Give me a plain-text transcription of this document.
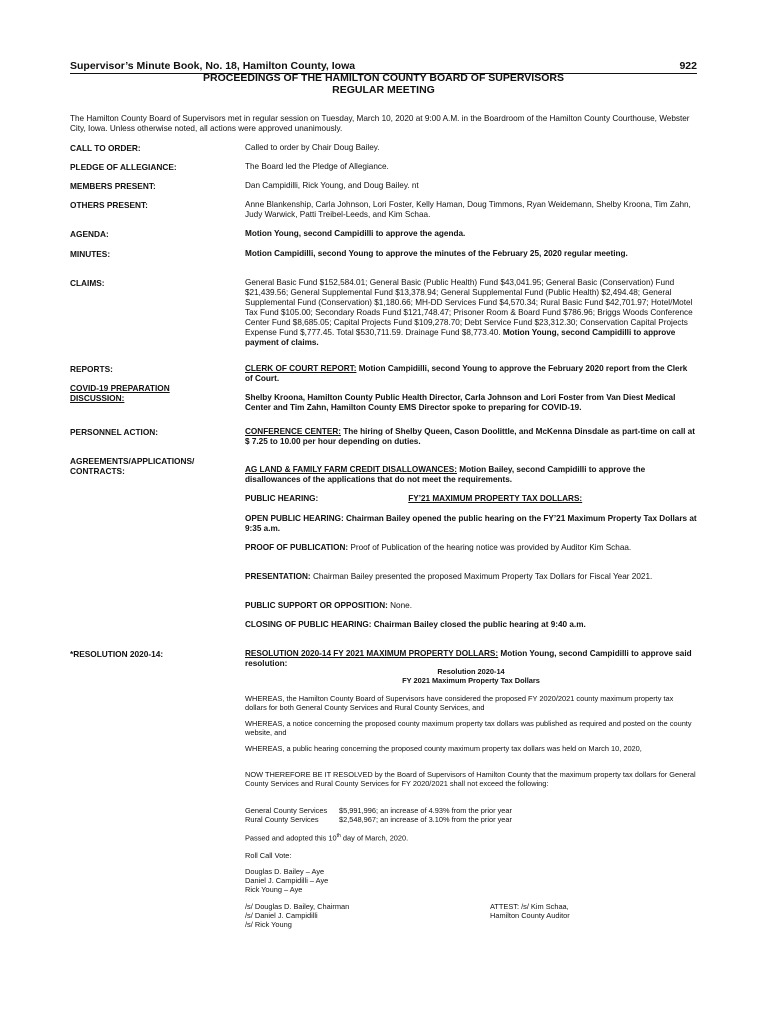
Supervisor’s Minute Book, No. 18, Hamilton County, Iowa	922
PROCEEDINGS OF THE HAMILTON COUNTY BOARD OF SUPERVISORS
REGULAR MEETING
The Hamilton County Board of Supervisors met in regular session on Tuesday, March 10, 2020 at 9:00 A.M. in the Boardroom of the Hamilton County Courthouse, Webster City, Iowa. Unless otherwise noted, all actions were approved unanimously.
CALL TO ORDER:	Called to order by Chair Doug Bailey.
PLEDGE OF ALLEGIANCE:	The Board led the Pledge of Allegiance.
MEMBERS PRESENT:	Dan Campidilli, Rick Young, and Doug Bailey. nt
OTHERS PRESENT:	Anne Blankenship, Carla Johnson, Lori Foster, Kelly Haman, Doug Timmons, Ryan Weidemann, Shelby Kroona, Tim Zahn, Judy Warwick, Patti Treibel-Leeds, and Kim Schaa.
AGENDA:	Motion Young, second Campidilli to approve the agenda.
MINUTES:	Motion Campidilli, second Young to approve the minutes of the February 25, 2020 regular meeting.
CLAIMS:	General Basic Fund $152,584.01; General Basic (Public Health) Fund $43,041.95; General Basic (Conservation) Fund $21,439.56; General Supplemental Fund $13,378.94; General Supplemental Fund (Public Health) $2,494.48; General Supplemental Fund (Conservation) $1,180.66; MH-DD Services Fund $4,570.34; Rural Basic Fund $42,701.97; Hotel/Motel Tax Fund $105.00; Secondary Roads Fund $121,748.47; Prisoner Room & Board Fund $786.96; Briggs Woods Conference Center Fund $8,685.05; Capital Projects Fund $109,278.70; Debt Service Fund $23,312.30; Conservation Capital Projects Expense Fund $,777.45. Total $530,711.59. Drainage Fund $8,773.40. Motion Young, second Campidilli to approve payment of claims.
REPORTS:	CLERK OF COURT REPORT: Motion Campidilli, second Young to approve the February 2020 report from the Clerk of Court.
COVID-19 PREPARATION
DISCUSSION:	Shelby Kroona, Hamilton County Public Health Director, Carla Johnson and Lori Foster from Van Diest Medical Center and Tim Zahn, Hamilton County EMS Director spoke to preparing for COVID-19.
PERSONNEL ACTION:	CONFERENCE CENTER: The hiring of Shelby Queen, Cason Doolittle, and McKenna Dinsdale as part-time on call at $ 7.25 to 10.00 per hour depending on duties.
AGREEMENTS/APPLICATIONS/
CONTRACTS:	AG LAND & FAMILY FARM CREDIT DISALLOWANCES: Motion Bailey, second Campidilli to approve the disallowances of the applications that do not meet the requirements.
PUBLIC HEARING:	FY’21 MAXIMUM PROPERTY TAX DOLLARS:
OPEN PUBLIC HEARING: Chairman Bailey opened the public hearing on the FY’21 Maximum Property Tax Dollars at 9:35 a.m.
PROOF OF PUBLICATION: Proof of Publication of the hearing notice was provided by Auditor Kim Schaa.
PRESENTATION: Chairman Bailey presented the proposed Maximum Property Tax Dollars for Fiscal Year 2021.
PUBLIC SUPPORT OR OPPOSITION: None.
CLOSING OF PUBLIC HEARING: Chairman Bailey closed the public hearing at 9:40 a.m.
*RESOLUTION 2020-14:	RESOLUTION 2020-14 FY 2021 MAXIMUM PROPERTY DOLLARS: Motion Young, second Campidilli to approve said resolution:
Resolution 2020-14
FY 2021 Maximum Property Tax Dollars
WHEREAS, the Hamilton County Board of Supervisors have considered the proposed FY 2020/2021 county maximum property tax dollars for both General County Services and Rural County Services, and
WHEREAS, a notice concerning the proposed county maximum property tax dollars was published as required and posted on the county website, and
WHEREAS, a public hearing concerning the proposed county maximum property tax dollars was held on March 10, 2020,
NOW THEREFORE BE IT RESOLVED by the Board of Supervisors of Hamilton County that the maximum property tax dollars for General County Services and Rural County Services for FY 2020/2021 shall not exceed the following:
General County Services $5,991,996; an increase of 4.93% from the prior year
Rural County Services	$2,548,967; an increase of 3.10% from the prior year
Passed and adopted this 10th day of March, 2020.
Roll Call Vote:
Douglas D. Bailey – Aye
Daniel J. Campidilli – Aye
Rick Young – Aye
/s/ Douglas D. Bailey, Chairman
/s/ Daniel J. Campidilli
/s/ Rick Young
ATTEST: /s/ Kim Schaa,
Hamilton County Auditor
